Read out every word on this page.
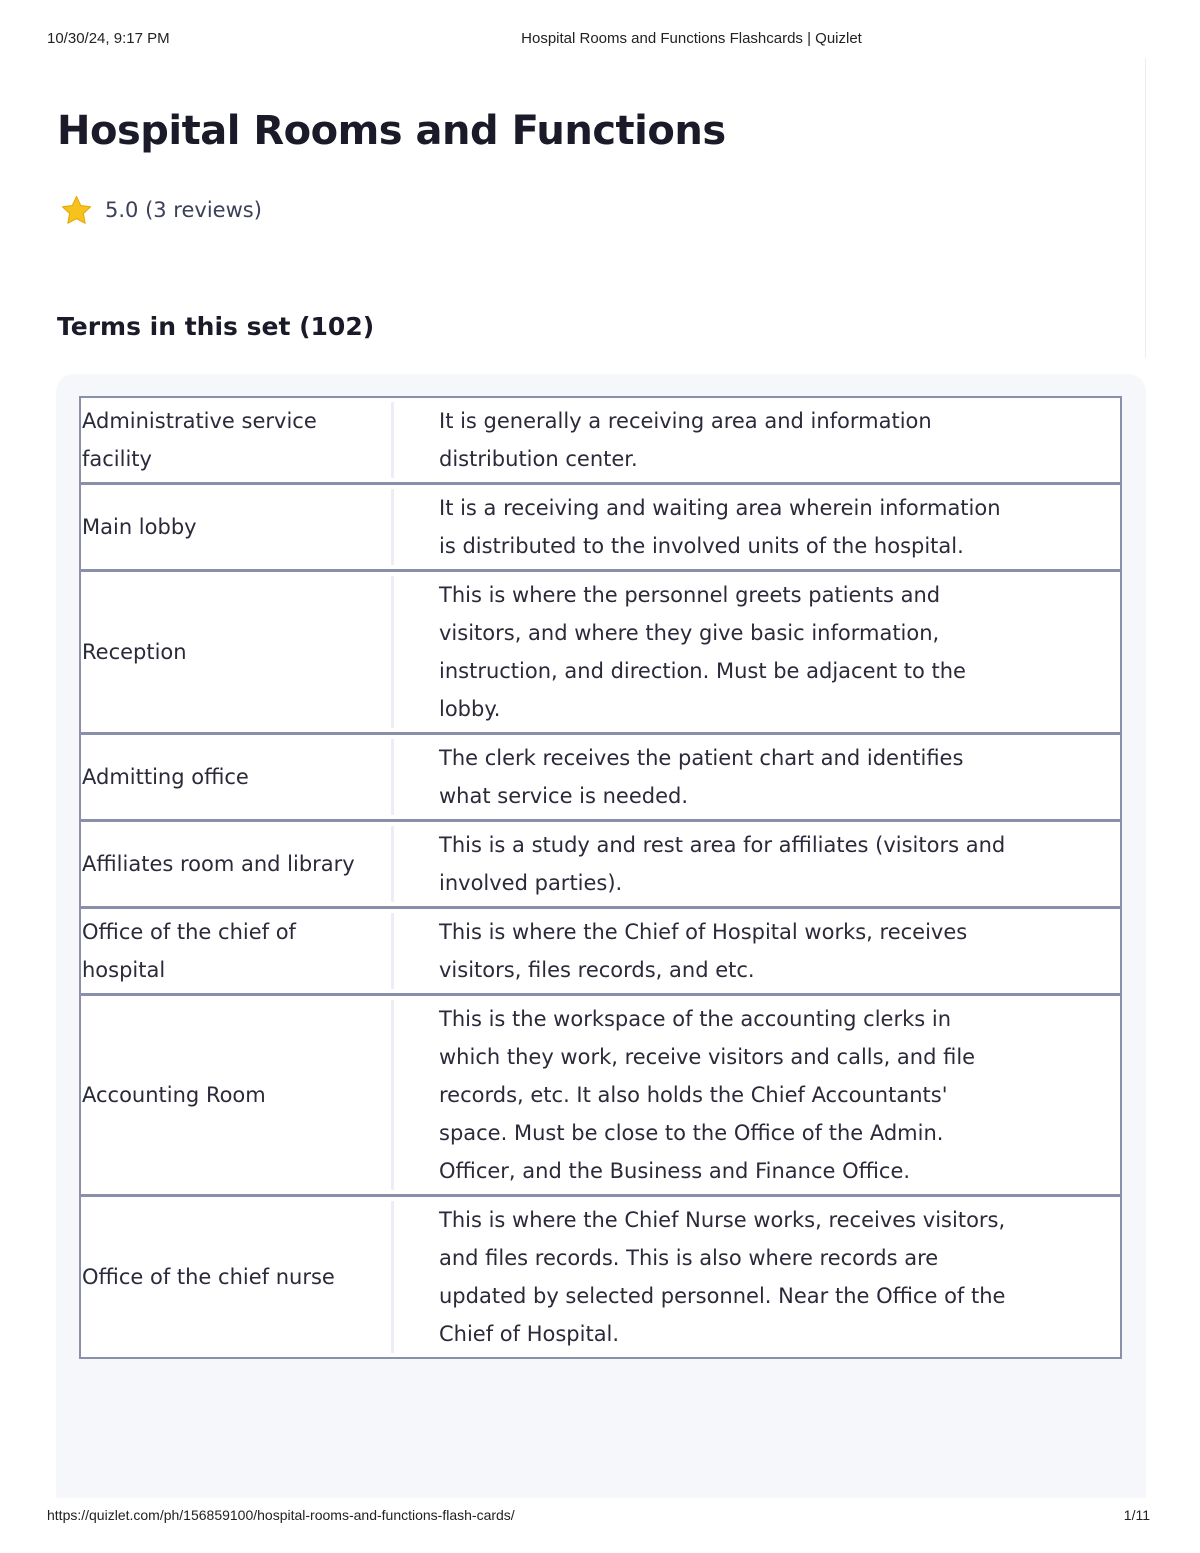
10/30/24, 9:17 PM	Hospital Rooms and Functions Flashcards | Quizlet
Hospital Rooms and Functions
5.0 (3 reviews)
Terms in this set (102)
Administrative service facility
It is generally a receiving area and information distribution center.
Main lobby
It is a receiving and waiting area wherein information is distributed to the involved units of the hospital.
Reception
This is where the personnel greets patients and visitors, and where they give basic information, instruction, and direction. Must be adjacent to the lobby.
Admitting office
The clerk receives the patient chart and identifies what service is needed.
Affiliates room and library
This is a study and rest area for affiliates (visitors and involved parties).
Office of the chief of hospital
This is where the Chief of Hospital works, receives visitors, files records, and etc.
Accounting Room
This is the workspace of the accounting clerks in which they work, receive visitors and calls, and file records, etc. It also holds the Chief Accountants' space. Must be close to the Office of the Admin. Officer, and the Business and Finance Office.
Office of the chief nurse
This is where the Chief Nurse works, receives visitors, and files records. This is also where records are updated by selected personnel. Near the Office of the Chief of Hospital.
https://quizlet.com/ph/156859100/hospital-rooms-and-functions-flash-cards/	1/11
